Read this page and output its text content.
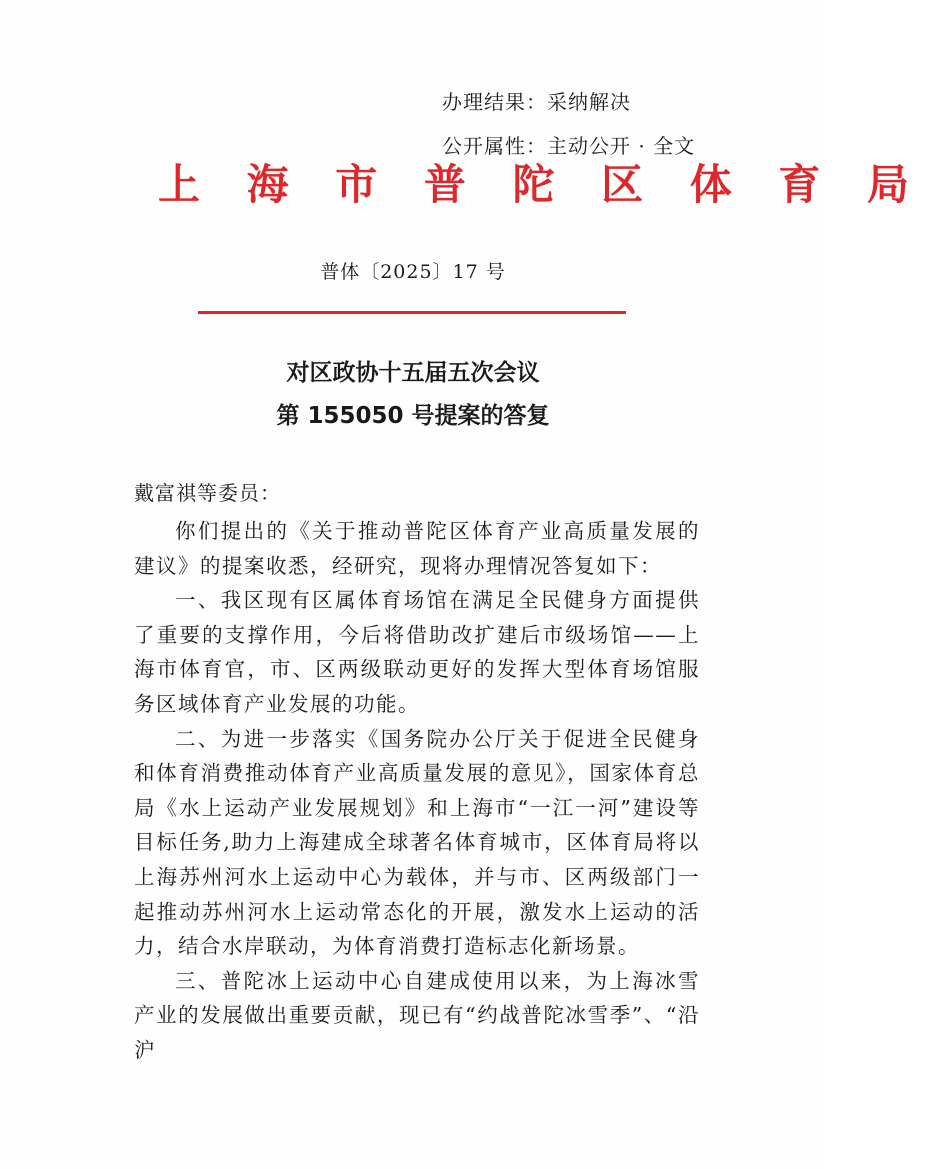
办理结果：采纳解决
公开属性：主动公开 · 全文
上 海 市 普 陀 区 体 育 局
普体〔2025〕17 号
对区政协十五届五次会议
第 155050 号提案的答复
戴富祺等委员：

你们提出的《关于推动普陀区体育产业高质量发展的建议》的提案收悉，经研究，现将办理情况答复如下：

一、我区现有区属体育场馆在满足全民健身方面提供了重要的支撑作用，今后将借助改扩建后市级场馆——上海市体育官，市、区两级联动更好的发挥大型体育场馆服务区域体育产业发展的功能。

二、为进一步落实《国务院办公厅关于促进全民健身和体育消费推动体育产业高质量发展的意见》，国家体育总局《水上运动产业发展规划》和上海市“一江一河”建设等目标任务,助力上海建成全球著名体育城市，区体育局将以上海苏州河水上运动中心为载体，并与市、区两级部门一起推动苏州河水上运动常态化的开展，激发水上运动的活力，结合水岸联动，为体育消费打造标志化新场景。

三、普陀冰上运动中心自建成使用以来，为上海冰雪产业的发展做出重要贡献，现已有“约战普陀冰雪季”、“沿沪
